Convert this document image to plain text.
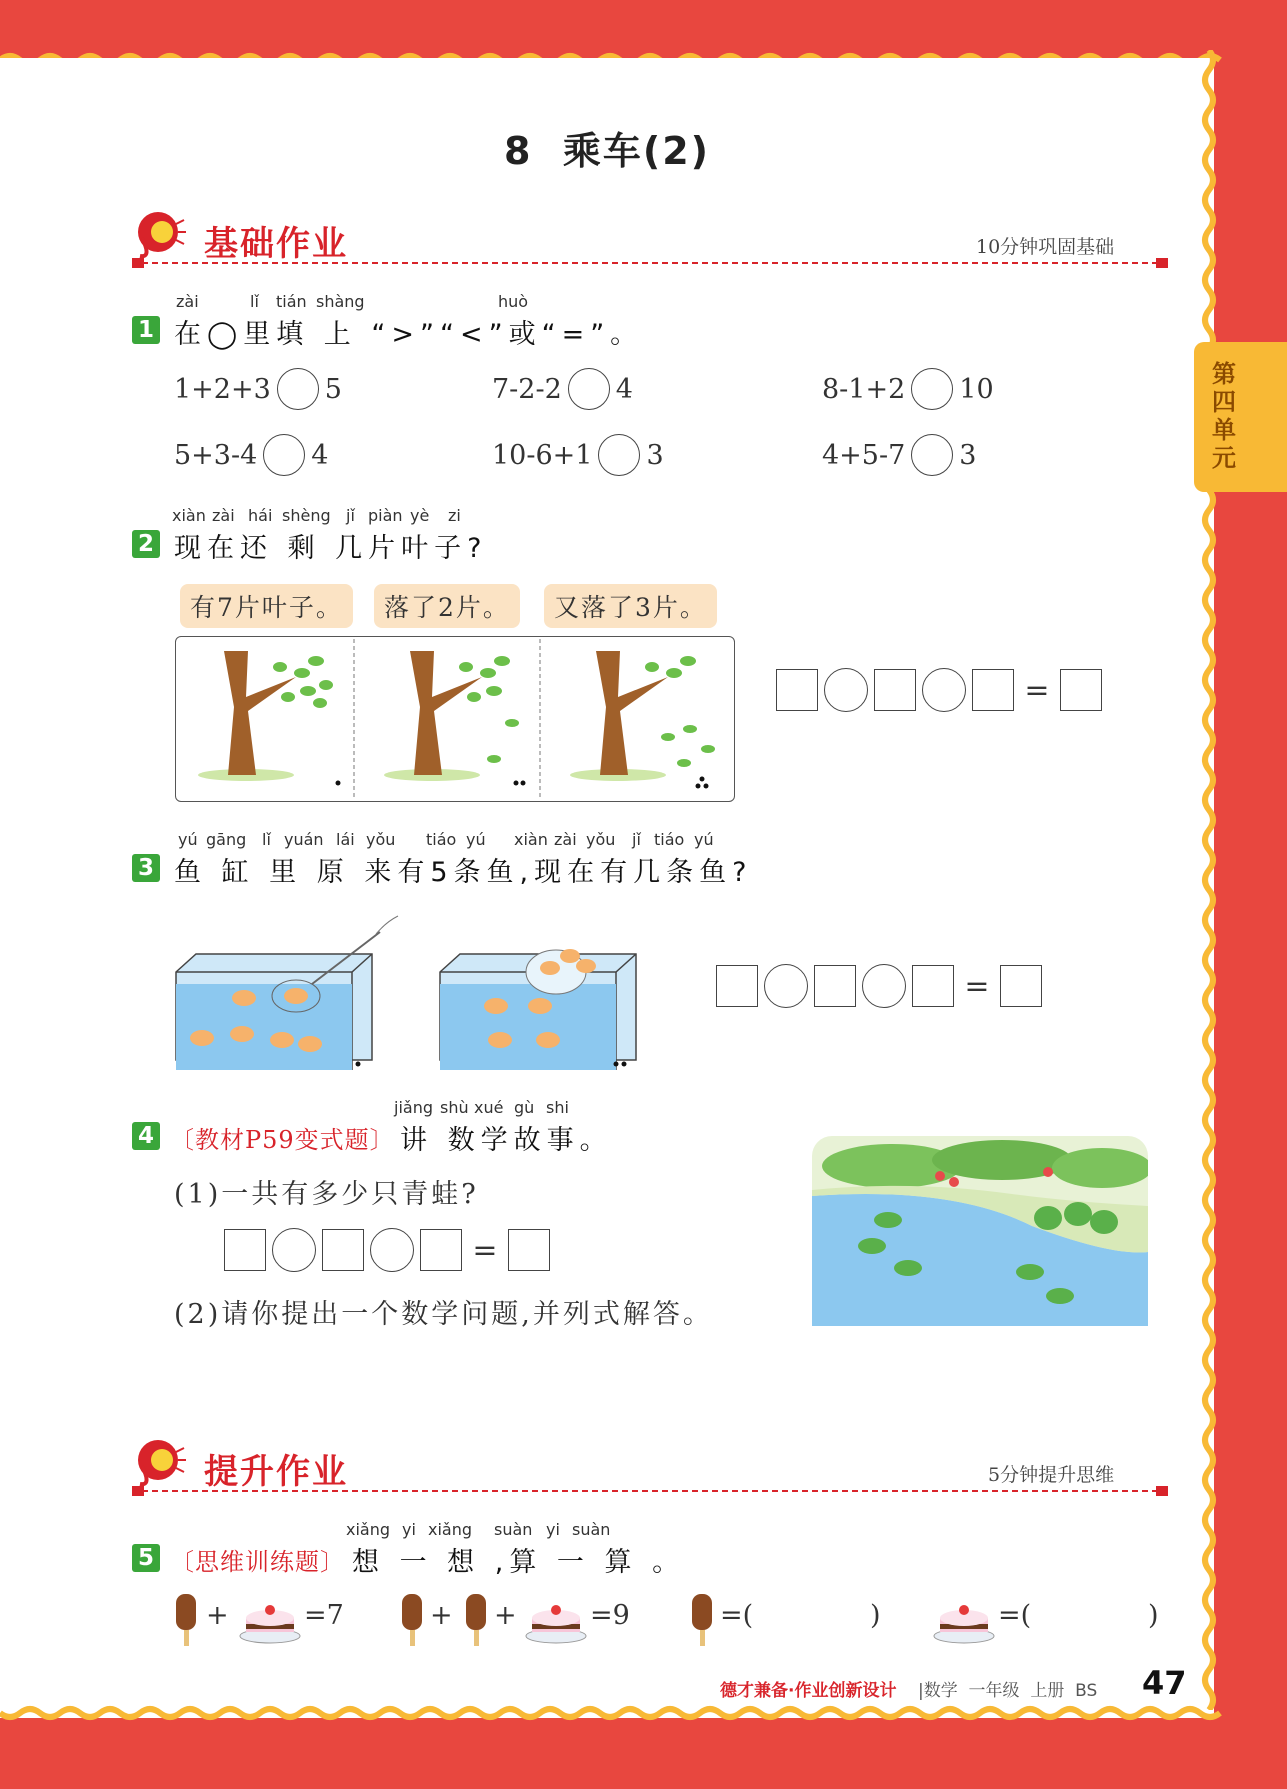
第四单元
8  乘车(2)
基础作业	10分钟巩固基础
zài	lǐ tián shàng	huò
1 在◯里填 上 “>”“<”或“=”。
1+2+3 5	7-2-2 4	8-1+2 10
5+3-4 4	10-6+1 3	4+5-7 3
xiàn zài hái shèng jǐ piàn yè zi
2 现在还 剩 几片叶子?
有7片叶子。	落了2片。	又落了3片。
=
yú gāng lǐ yuán lái yǒu tiáo yú xiàn zài yǒu jǐ tiáo yú
3 鱼 缸 里 原 来有5条鱼,现在有几条鱼?
=
jiǎng shù xué gù shi
4 〔教材P59变式题〕 讲 数学故事。
(1)一共有多少只青蛙?
=
(2)请你提出一个数学问题,并列式解答。
提升作业	5分钟提升思维
xiǎng yi xiǎng suàn yi suàn
5 〔思维训练题〕 想 一 想 ,算 一 算 。
+	=7	+ +	=9	=(	)	=(	)
德才兼备·作业创新设计 |数学  一年级  上册  BS 47
